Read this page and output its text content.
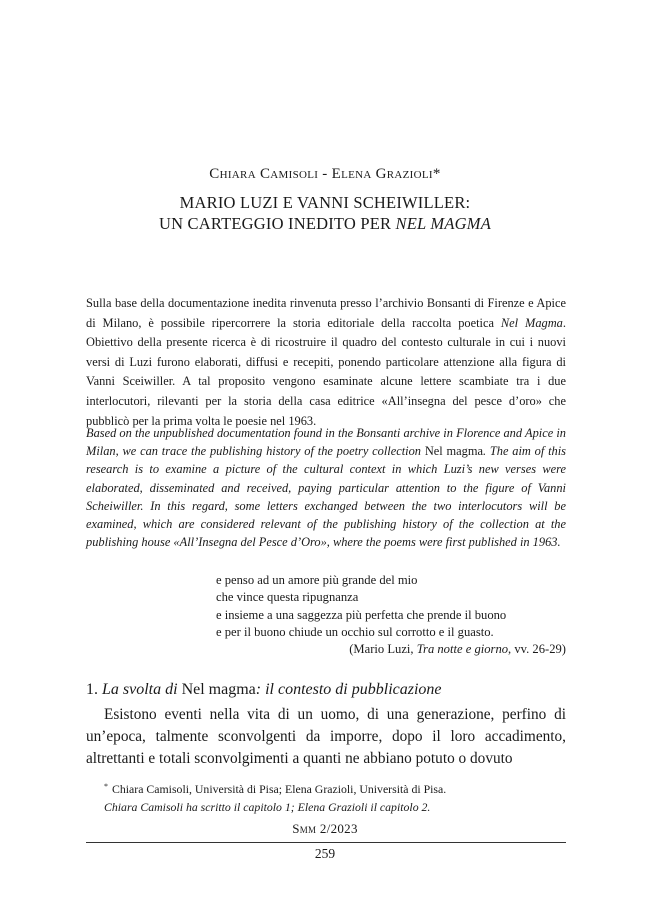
Chiara Camisoli - Elena Grazioli*
MARIO LUZI E VANNI SCHEIWILLER:
UN CARTEGGIO INEDITO PER NEL MAGMA
Sulla base della documentazione inedita rinvenuta presso l’archivio Bonsanti di Firenze e Apice di Milano, è possibile ripercorrere la storia editoriale della raccolta poetica Nel Magma. Obiettivo della presente ricerca è di ricostruire il quadro del contesto culturale in cui i nuovi versi di Luzi furono elaborati, diffusi e recepiti, ponendo particolare attenzione alla figura di Vanni Sceiwiller. A tal proposito vengono esaminate alcune lettere scambiate tra i due interlocutori, rilevanti per la storia della casa editrice «All’insegna del pesce d’oro» che pubblicò per la prima volta le poesie nel 1963.
Based on the unpublished documentation found in the Bonsanti archive in Florence and Apice in Milan, we can trace the publishing history of the poetry collection Nel magma. The aim of this research is to examine a picture of the cultural context in which Luzi’s new verses were elaborated, disseminated and received, paying particular attention to the figure of Vanni Scheiwiller. In this regard, some letters exchanged between the two interlocutors will be examined, which are considered relevant of the publishing history of the collection at the publishing house «All’Insegna del Pesce d’Oro», where the poems were first published in 1963.
e penso ad un amore più grande del mio
che vince questa ripugnanza
e insieme a una saggezza più perfetta che prende il buono
e per il buono chiude un occhio sul corrotto e il guasto.
(Mario Luzi, Tra notte e giorno, vv. 26-29)
1. La svolta di Nel magma: il contesto di pubblicazione
Esistono eventi nella vita di un uomo, di una generazione, perfino di un’epoca, talmente sconvolgenti da imporre, dopo il loro accadimento, altrettanti e totali sconvolgimenti a quanti ne abbiano potuto o dovuto
* Chiara Camisoli, Università di Pisa; Elena Grazioli, Università di Pisa.
Chiara Camisoli ha scritto il capitolo 1; Elena Grazioli il capitolo 2.
Smm 2/2023
259
